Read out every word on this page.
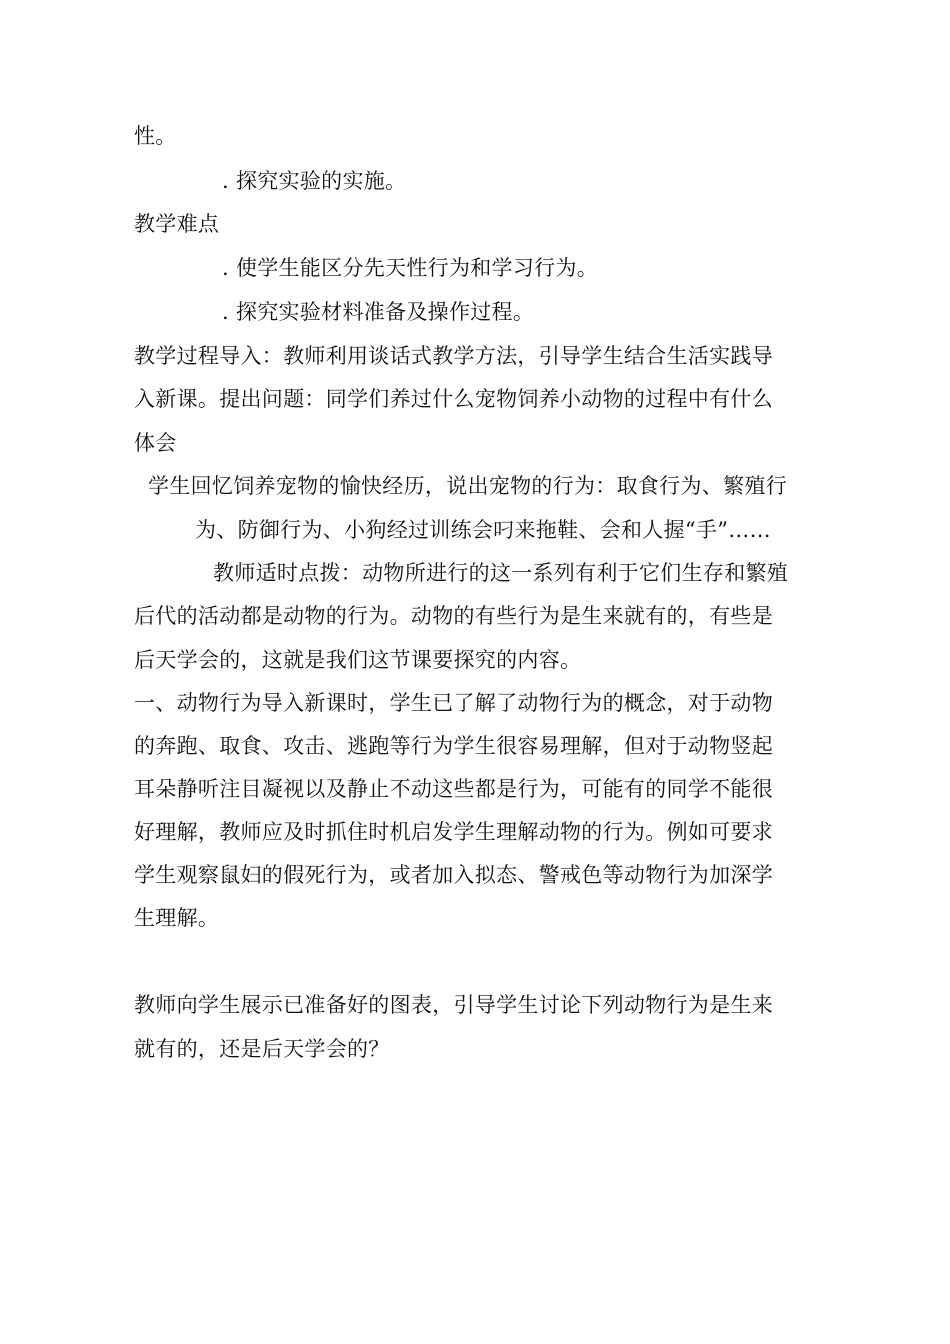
性。
. 探究实验的实施。
教学难点
. 使学生能区分先天性行为和学习行为。
. 探究实验材料准备及操作过程。
教学过程导入：教师利用谈话式教学方法，引导学生结合生活实践导
入新课。提出问题：同学们养过什么宠物饲养小动物的过程中有什么
体会
学生回忆饲养宠物的愉快经历，说出宠物的行为：取食行为、繁殖行
为、防御行为、小狗经过训练会叼来拖鞋、会和人握“手”……
教师适时点拨：动物所进行的这一系列有利于它们生存和繁殖
后代的活动都是动物的行为。动物的有些行为是生来就有的，有些是
后天学会的，这就是我们这节课要探究的内容。
一、动物行为导入新课时，学生已了解了动物行为的概念，对于动物
的奔跑、取食、攻击、逃跑等行为学生很容易理解，但对于动物竖起
耳朵静听注目凝视以及静止不动这些都是行为，可能有的同学不能很
好理解，教师应及时抓住时机启发学生理解动物的行为。例如可要求
学生观察鼠妇的假死行为，或者加入拟态、警戒色等动物行为加深学
生理解。
教师向学生展示已准备好的图表，引导学生讨论下列动物行为是生来
就有的，还是后天学会的？
